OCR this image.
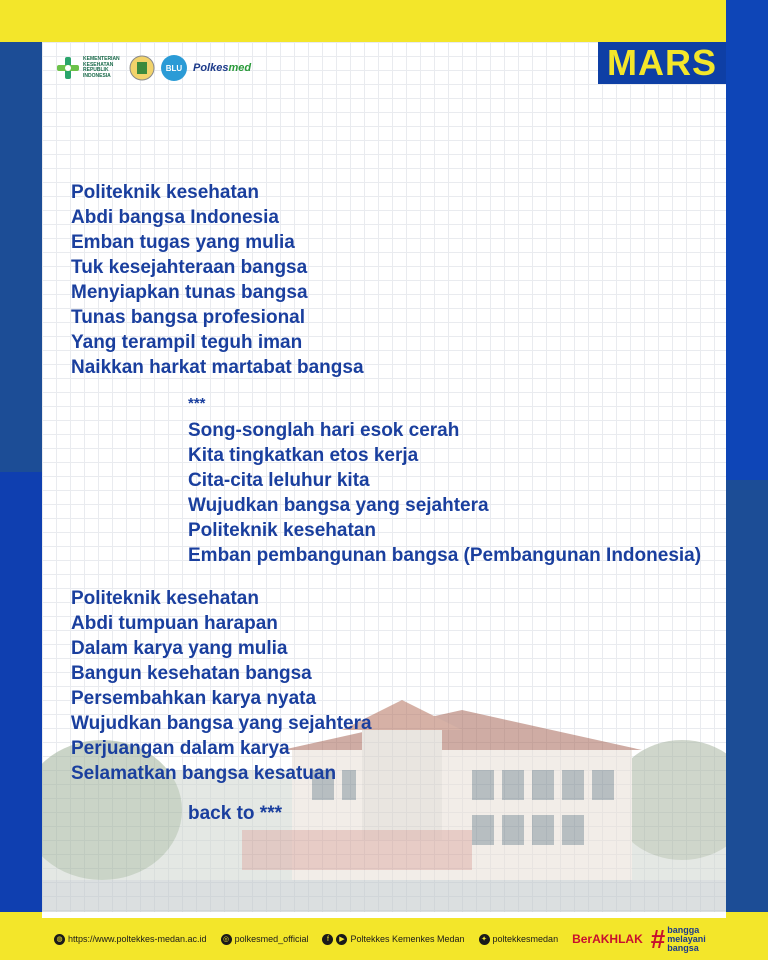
MARS
KEMENTERIAN KESEHATAN REPUBLIK INDONESIA
BLU Polkesmed
Politeknik kesehatan
Abdi bangsa Indonesia
Emban tugas yang mulia
Tuk kesejahteraan bangsa
Menyiapkan tunas bangsa
Tunas bangsa profesional
Yang terampil teguh iman
Naikkan harkat martabat bangsa
***
Song-songlah hari esok cerah
Kita tingkatkan etos kerja
Cita-cita leluhur kita
Wujudkan bangsa yang sejahtera
Politeknik kesehatan
Emban pembangunan bangsa (Pembangunan Indonesia)
Politeknik kesehatan
Abdi tumpuan harapan
Dalam karya yang mulia
Bangun kesehatan bangsa
Persembahkan karya nyata
Wujudkan bangsa yang sejahtera
Perjuangan dalam karya
Selamatkan bangsa kesatuan
back to ***
◍ https://www.poltekkes-medan.ac.id	◎ polkesmed_official	f	▶ Poltekkes Kemenkes Medan	✦ poltekkesmedan BerAKHLAK # bangga
melayani
bangsa
